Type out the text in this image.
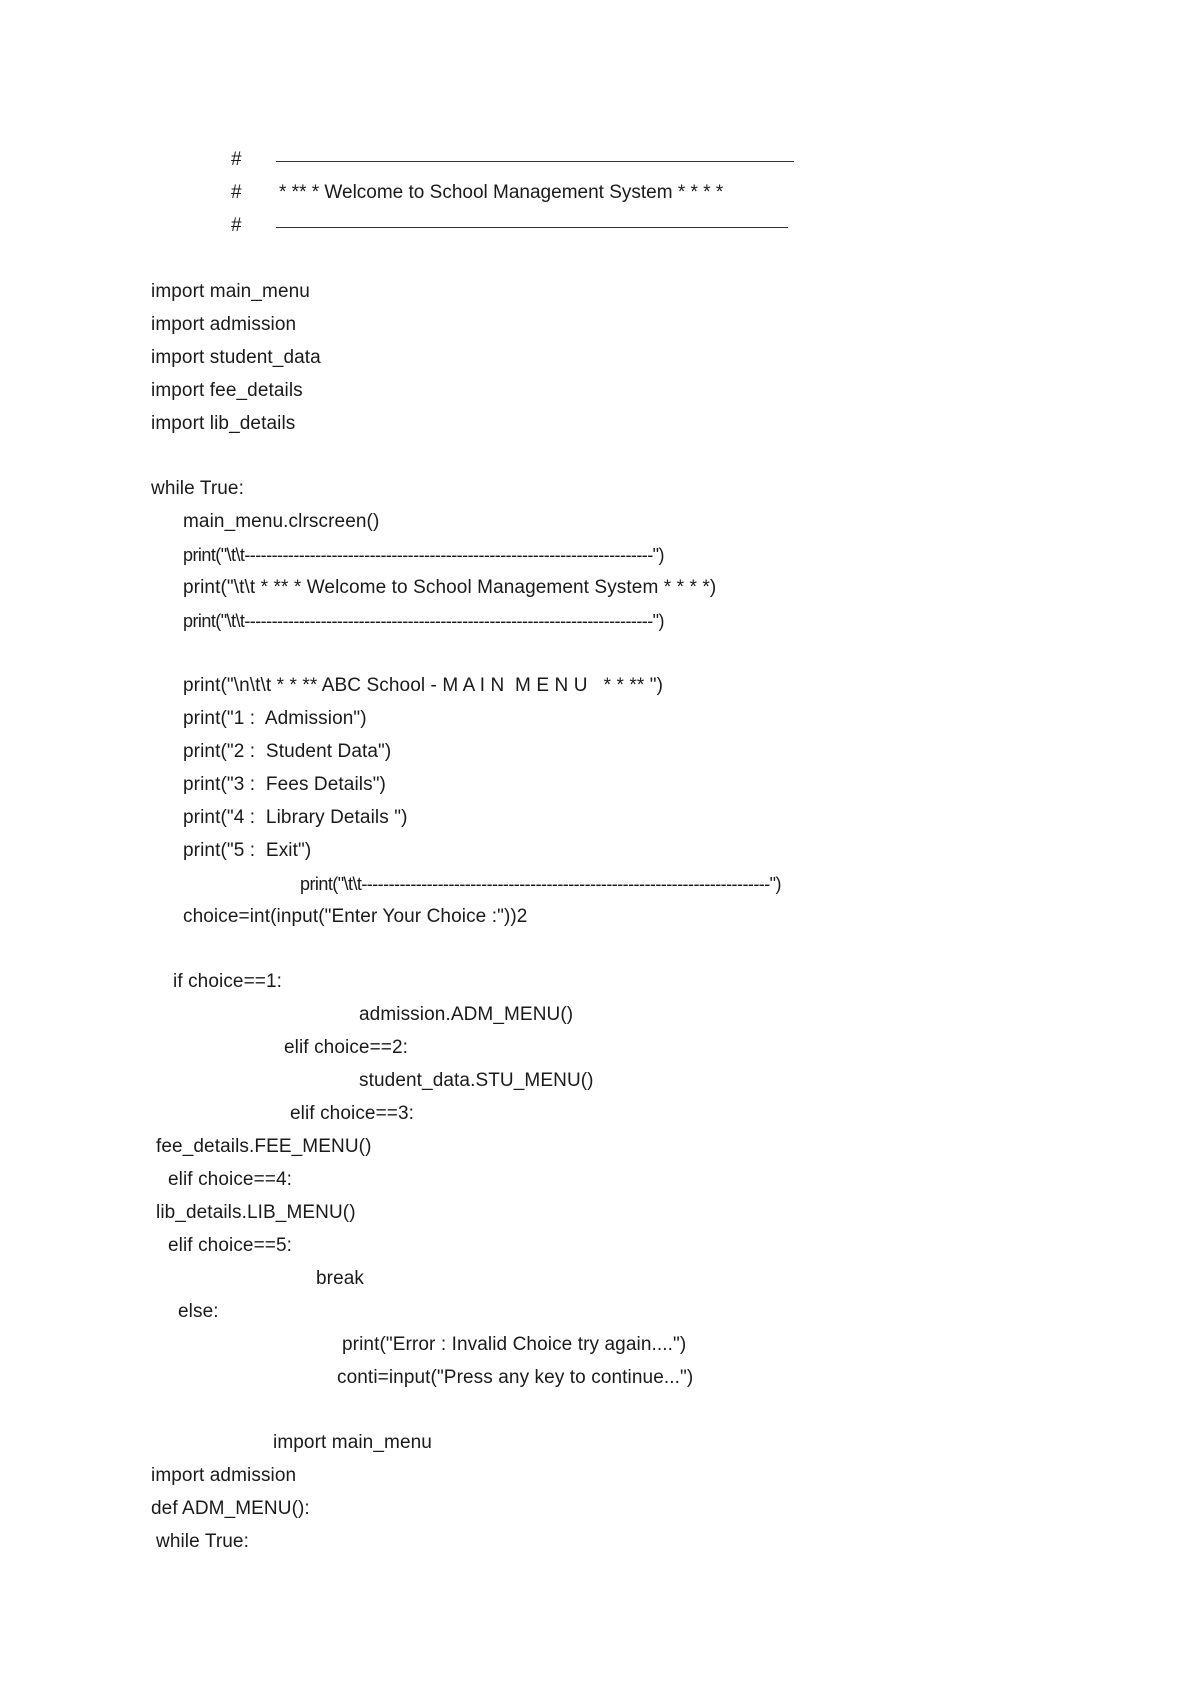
#
# * ** * Welcome to School Management System * * * *
#
import main_menu
import admission
import student_data
import fee_details
import lib_details
while True:
main_menu.clrscreen()
print("\t\t---------------------------------------------------------------------------")
print("\t\t * ** * Welcome to School Management System * * * *)
print("\t\t---------------------------------------------------------------------------")
print("\n\t\t * * ** ABC School - M A I N  M E N U   * * ** ")
print("1 :  Admission")
print("2 :  Student Data")
print("3 :  Fees Details")
print("4 :  Library Details ")
print("5 :  Exit")
print("\t\t---------------------------------------------------------------------------")
choice=int(input("Enter Your Choice :"))2
if choice==1:
admission.ADM_MENU()
elif choice==2:
student_data.STU_MENU()
elif choice==3:
fee_details.FEE_MENU()
elif choice==4:
lib_details.LIB_MENU()
elif choice==5:
break
else:
print("Error : Invalid Choice try again....")
conti=input("Press any key to continue...")
import main_menu
import admission
def ADM_MENU():
while True:
